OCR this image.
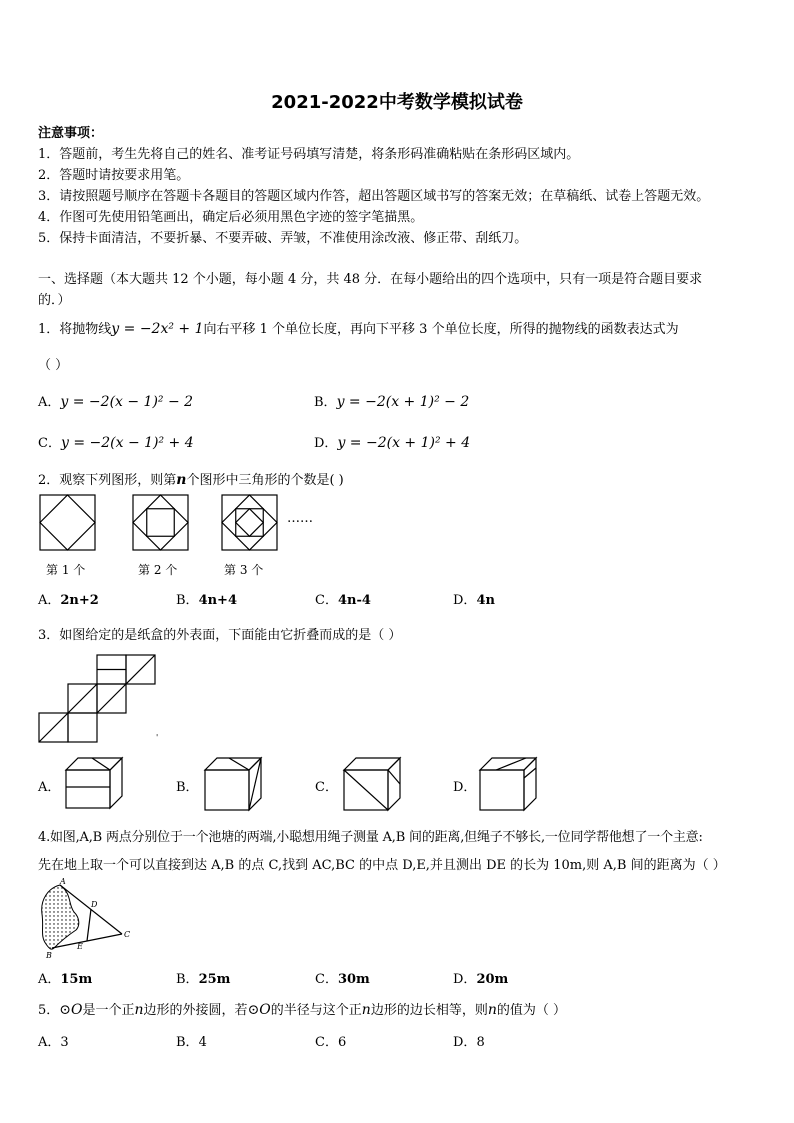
2021-2022中考数学模拟试卷
注意事项：
1．答题前，考生先将自己的姓名、准考证号码填写清楚，将条形码准确粘贴在条形码区域内。
2．答题时请按要求用笔。
3．请按照题号顺序在答题卡各题目的答题区域内作答，超出答题区域书写的答案无效；在草稿纸、试卷上答题无效。
4．作图可先使用铅笔画出，确定后必须用黑色字迹的签字笔描黑。
5．保持卡面清洁，不要折暴、不要弄破、弄皱，不准使用涂改液、修正带、刮纸刀。
一、选择题（本大题共 12 个小题，每小题 4 分，共 48 分．在每小题给出的四个选项中，只有一项是符合题目要求
的．）
1．将抛物线y = −2x² + 1向右平移 1 个单位长度，再向下平移 3 个单位长度，所得的抛物线的函数表达式为
（ ）
A．y = −2(x − 1)² − 2	B．y = −2(x + 1)² − 2
C．y = −2(x − 1)² + 4	D．y = −2(x + 1)² + 4
2．观察下列图形，则第n个图形中三角形的个数是( )
……
第 1 个	第 2 个	第 3 个
A．2n+2	B．4n+4	C．4n-4	D．4n
3．如图给定的是纸盒的外表面，下面能由它折叠而成的是（ ）
'
A．	B．	C．	D．
4.如图,A,B 两点分别位于一个池塘的两端,小聪想用绳子测量 A,B 间的距离,但绳子不够长,一位同学帮他想了一个主意:
先在地上取一个可以直接到达 A,B 的点 C,找到 AC,BC 的中点 D,E,并且测出 DE 的长为 10m,则 A,B 间的距离为（ ）
A
B
C
D
E
A．15m	B．25m	C．30m	D．20m
5．⊙O是一个正n边形的外接圆，若⊙O的半径与这个正n边形的边长相等，则n的值为（ ）
A．3	B．4	C．6	D．8
